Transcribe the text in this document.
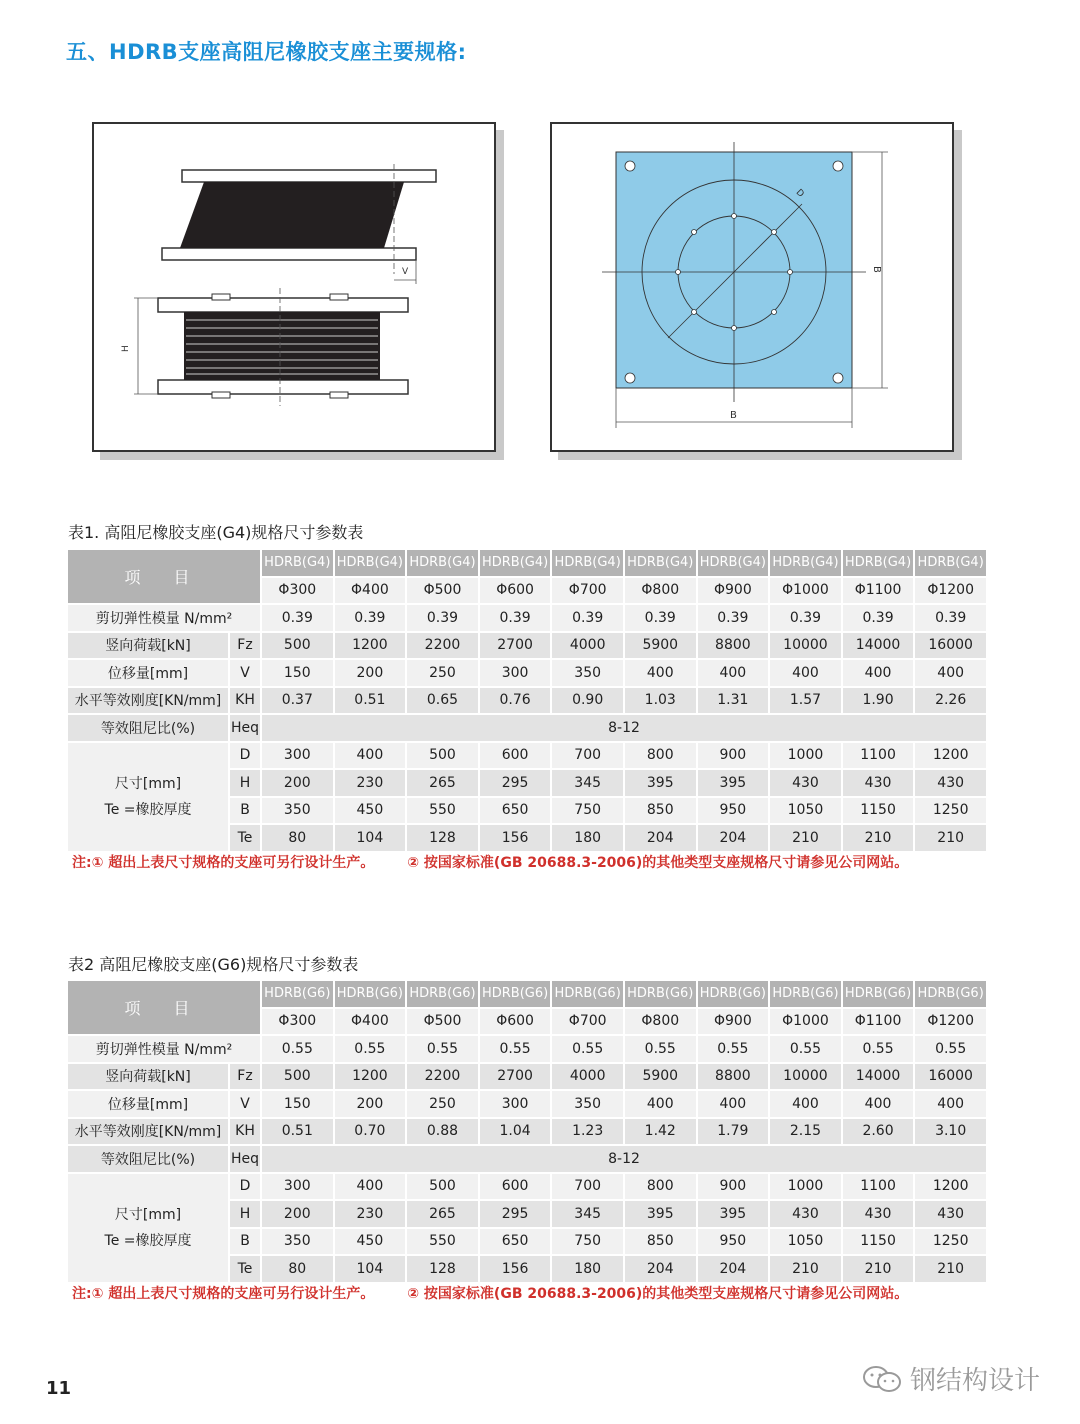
五、HDRB支座高阻尼橡胶支座主要规格:
V
H
D
B
B
表1. 高阻尼橡胶支座(G4)规格尺寸参数表
项 目		HDRB(G4)	HDRB(G4)	HDRB(G4)	HDRB(G4)	HDRB(G4)	HDRB(G4)	HDRB(G4)	HDRB(G4)	HDRB(G4)	HDRB(G4)
		Φ300	Φ400	Φ500	Φ600	Φ700	Φ800	Φ900	Φ1000	Φ1100	Φ1200
剪切弹性模量 N/mm²		0.39	0.39	0.39	0.39	0.39	0.39	0.39	0.39	0.39	0.39
竖向荷载[kN]	Fz	500	1200	2200	2700	4000	5900	8800	10000	14000	16000
位移量[mm]	V	150	200	250	300	350	400	400	400	400	400
水平等效刚度[KN/mm]	KH	0.37	0.51	0.65	0.76	0.90	1.03	1.31	1.57	1.90	2.26
等效阻尼比(%)	Heq	8-12									

尺寸[mm]
Te =橡胶厚度	D	300	400	500	600	700	800	900	1000	1100	1200
	H	200	230	265	295	345	395	395	430	430	430
	B	350	450	550	650	750	850	950	1050	1150	1250
	Te	80	104	128	156	180	204	204	210	210	210
注:① 超出上表尺寸规格的支座可另行设计生产。 ② 按国家标准(GB 20688.3-2006)的其他类型支座规格尺寸请参见公司网站。
表2 高阻尼橡胶支座(G6)规格尺寸参数表
项 目		HDRB(G6)	HDRB(G6)	HDRB(G6)	HDRB(G6)	HDRB(G6)	HDRB(G6)	HDRB(G6)	HDRB(G6)	HDRB(G6)	HDRB(G6)
		Φ300	Φ400	Φ500	Φ600	Φ700	Φ800	Φ900	Φ1000	Φ1100	Φ1200
剪切弹性模量 N/mm²		0.55	0.55	0.55	0.55	0.55	0.55	0.55	0.55	0.55	0.55
竖向荷载[kN]	Fz	500	1200	2200	2700	4000	5900	8800	10000	14000	16000
位移量[mm]	V	150	200	250	300	350	400	400	400	400	400
水平等效刚度[KN/mm]	KH	0.51	0.70	0.88	1.04	1.23	1.42	1.79	2.15	2.60	3.10
等效阻尼比(%)	Heq	8-12									

尺寸[mm]
Te =橡胶厚度	D	300	400	500	600	700	800	900	1000	1100	1200
	H	200	230	265	295	345	395	395	430	430	430
	B	350	450	550	650	750	850	950	1050	1150	1250
	Te	80	104	128	156	180	204	204	210	210	210
注:① 超出上表尺寸规格的支座可另行设计生产。 ② 按国家标准(GB 20688.3-2006)的其他类型支座规格尺寸请参见公司网站。
11	钢结构设计
